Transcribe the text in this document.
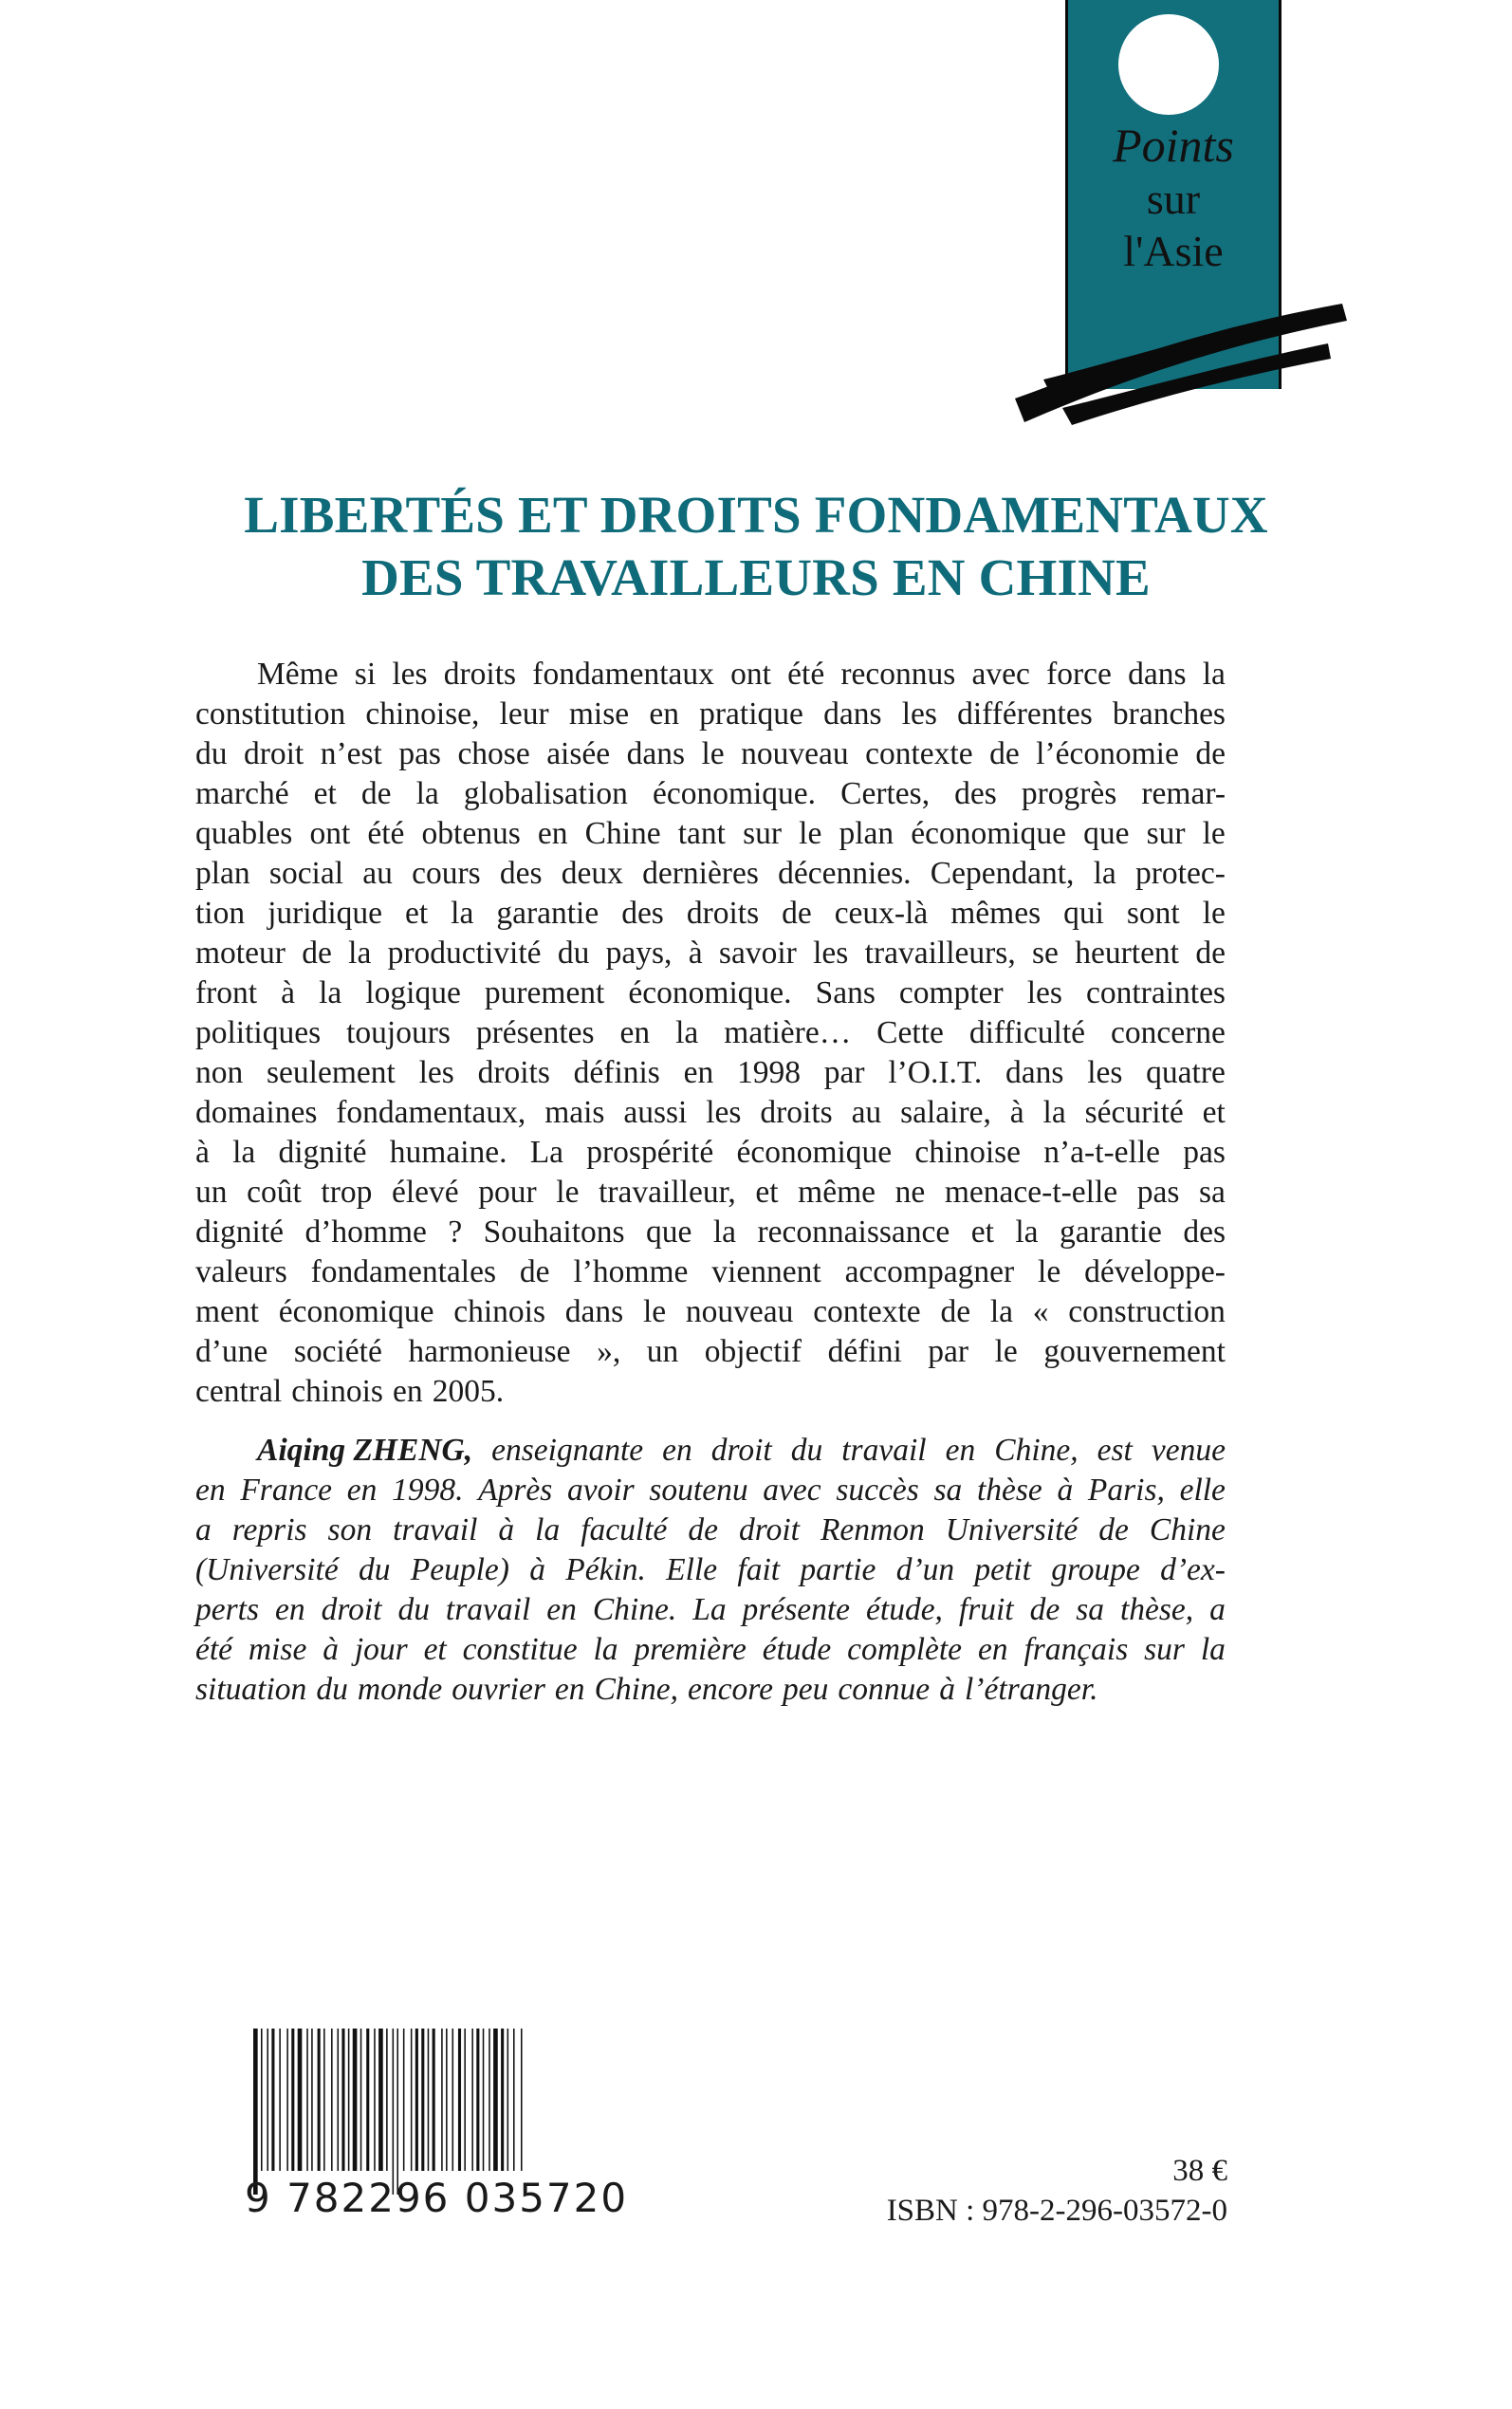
Points
sur
l'Asie
LIBERTÉS ET DROITS FONDAMENTAUX
DES TRAVAILLEURS EN CHINE
Même si les droits fondamentaux ont été reconnus avec force dans la
constitution chinoise, leur mise en pratique dans les différentes branches
du droit n’est pas chose aisée dans le nouveau contexte de l’économie de
marché et de la globalisation économique. Certes, des progrès remar-
quables ont été obtenus en Chine tant sur le plan économique que sur le
plan social au cours des deux dernières décennies. Cependant, la protec-
tion juridique et la garantie des droits de ceux-là mêmes qui sont le
moteur de la productivité du pays, à savoir les travailleurs, se heurtent de
front à la logique purement économique. Sans compter les contraintes
politiques toujours présentes en la matière… Cette difficulté concerne
non seulement les droits définis en 1998 par l’O.I.T. dans les quatre
domaines fondamentaux, mais aussi les droits au salaire, à la sécurité et
à la dignité humaine. La prospérité économique chinoise n’a-t-elle pas
un coût trop élevé pour le travailleur, et même ne menace-t-elle pas sa
dignité d’homme ? Souhaitons que la reconnaissance et la garantie des
valeurs fondamentales de l’homme viennent accompagner le développe-
ment économique chinois dans le nouveau contexte de la « construction
d’une société harmonieuse », un objectif défini par le gouvernement
central chinois en 2005.
Aiqing ZHENG, enseignante en droit du travail en Chine, est venue
en France en 1998. Après avoir soutenu avec succès sa thèse à Paris, elle
a repris son travail à la faculté de droit Renmon Université de Chine
(Université du Peuple) à Pékin. Elle fait partie d’un petit groupe d’ex-
perts en droit du travail en Chine. La présente étude, fruit de sa thèse, a
été mise à jour et constitue la première étude complète en français sur la
situation du monde ouvrier en Chine, encore peu connue à l’étranger.
9 782296 035720
38 €
ISBN : 978-2-296-03572-0
